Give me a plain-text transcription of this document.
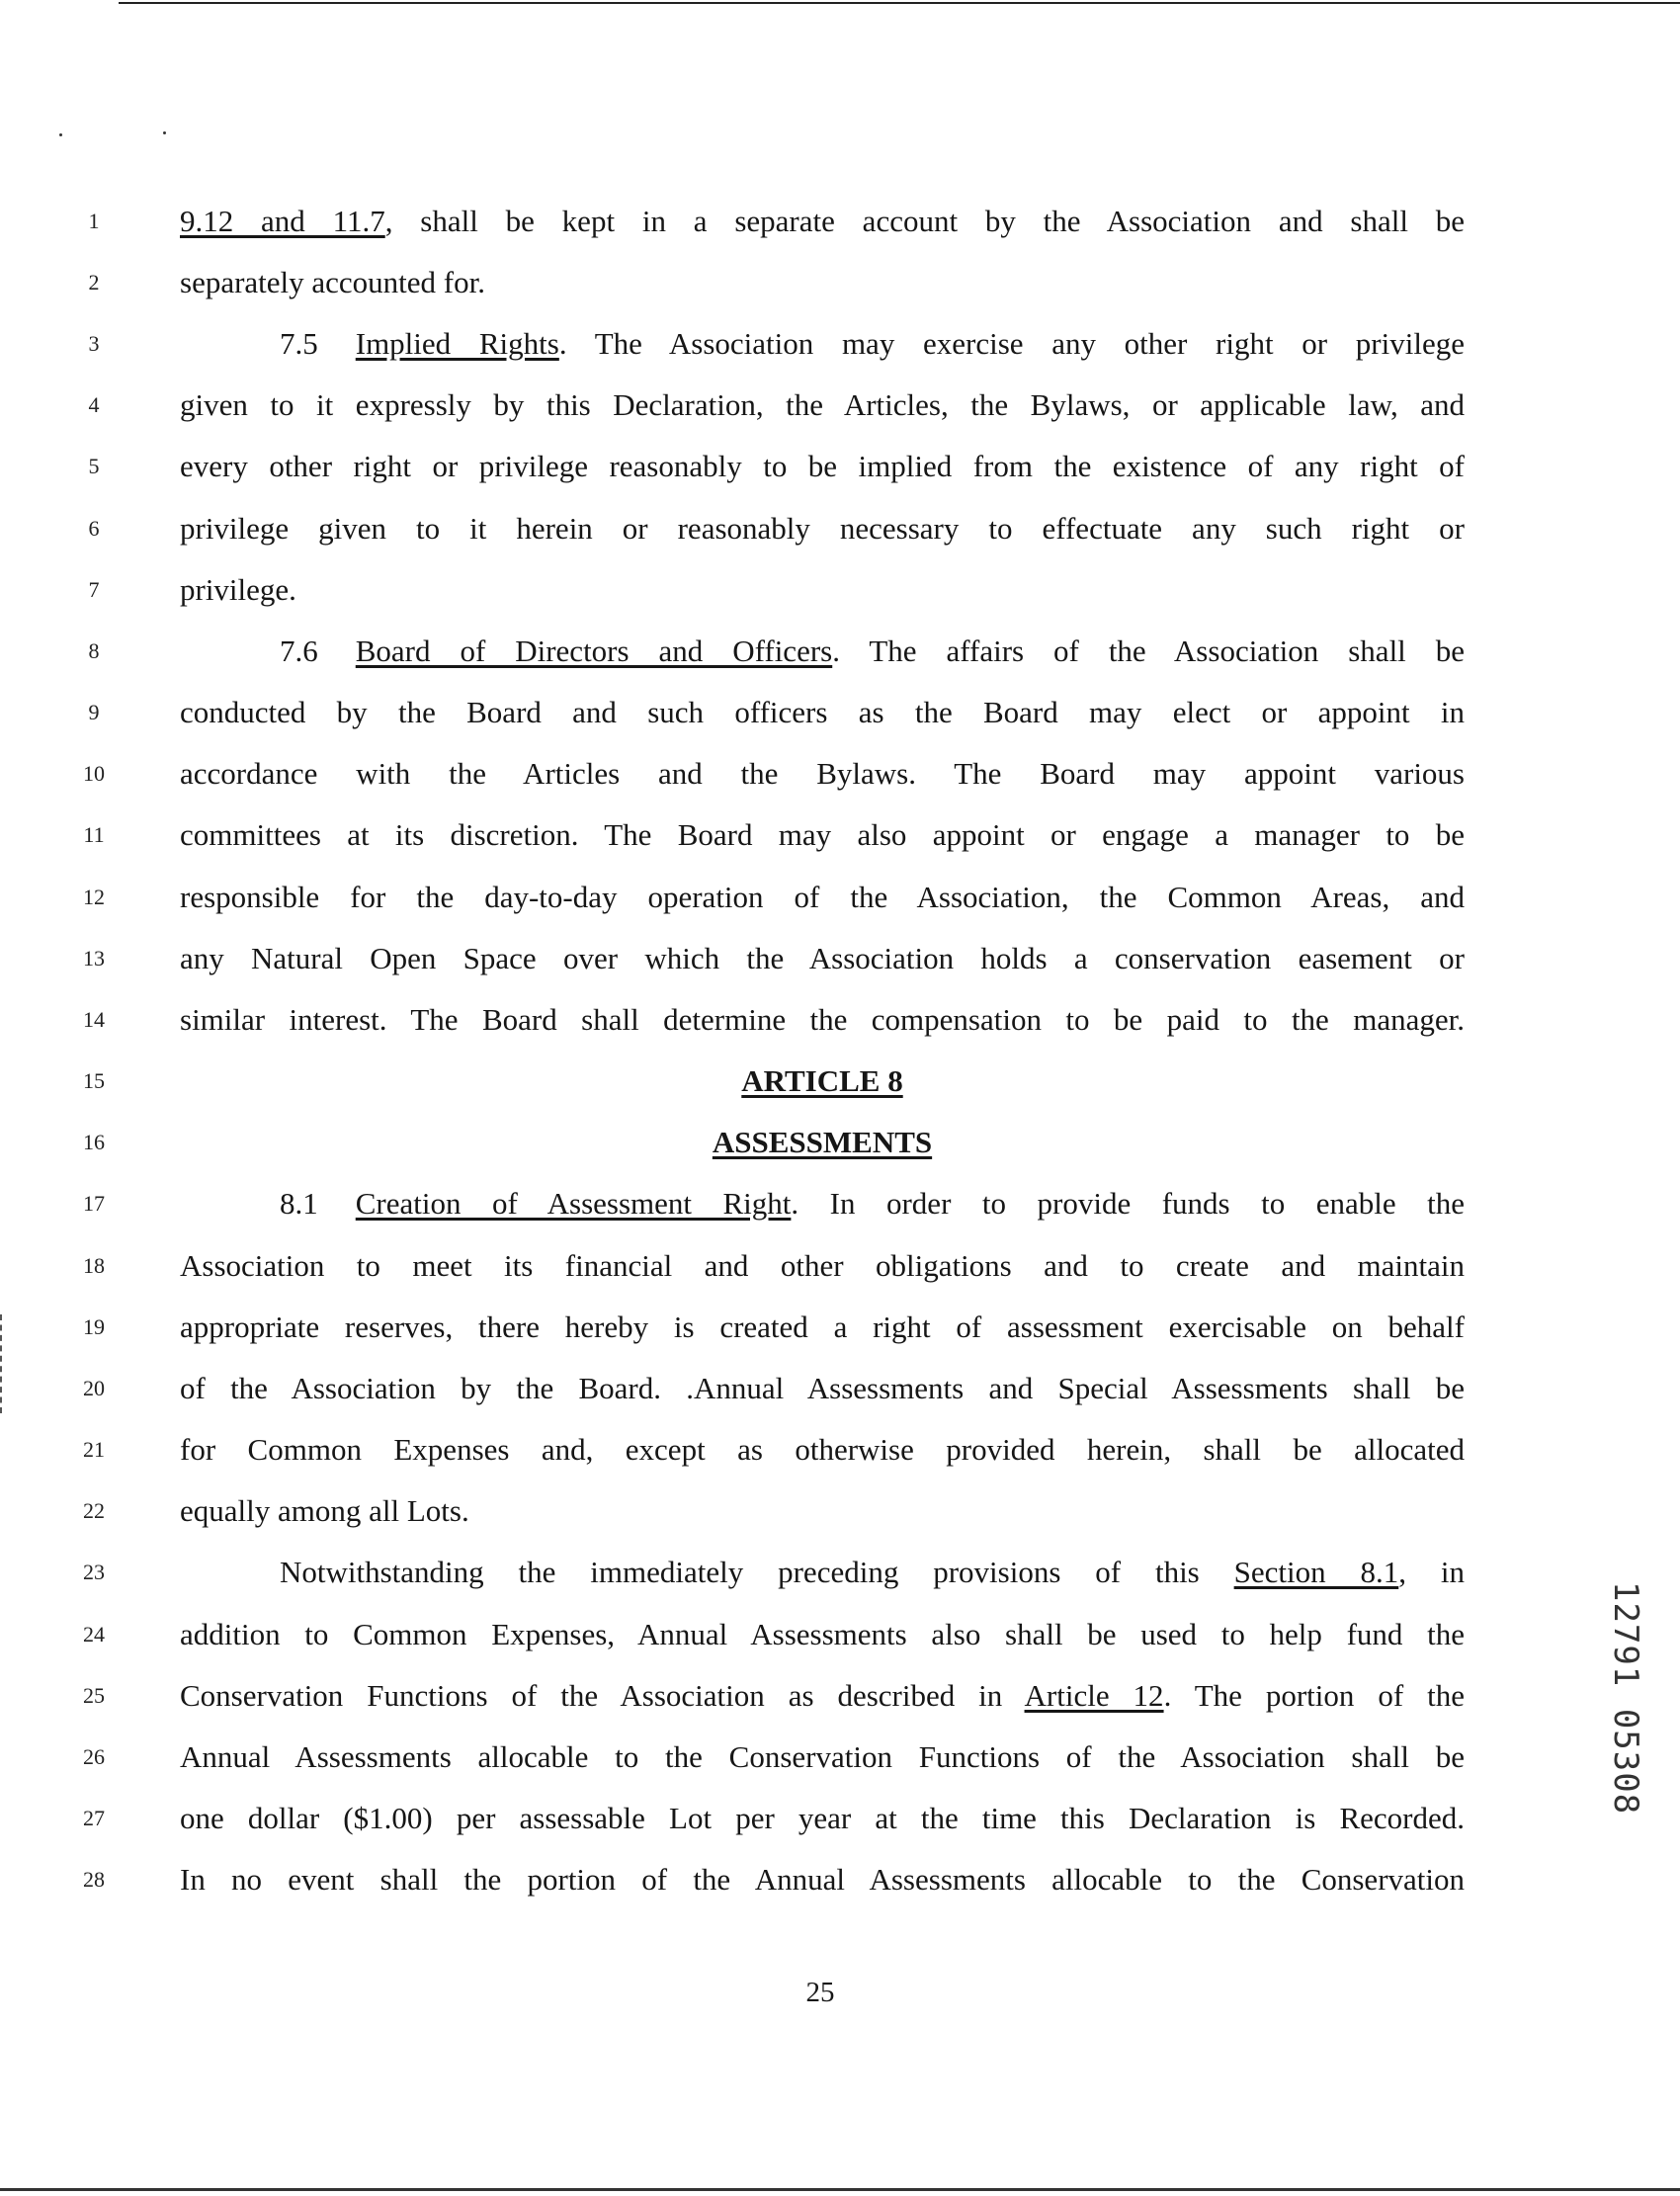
1
2
3
4
5
6
7
8
9
10
11
12
13
14
15
16
17
18
19
20
21
22
23
24
25
26
27
28
9.12 and 11.7, shall be kept in a separate account by the Association and shall be
separately accounted for.
7.5 Implied Rights. The Association may exercise any other right or privilege
given to it expressly by this Declaration, the Articles, the Bylaws, or applicable law, and
every other right or privilege reasonably to be implied from the existence of any right of
privilege given to it herein or reasonably necessary to effectuate any such right or
privilege.
7.6 Board of Directors and Officers. The affairs of the Association shall be
conducted by the Board and such officers as the Board may elect or appoint in
accordance with the Articles and the Bylaws. The Board may appoint various
committees at its discretion. The Board may also appoint or engage a manager to be
responsible for the day-to-day operation of the Association, the Common Areas, and
any Natural Open Space over which the Association holds a conservation easement or
similar interest. The Board shall determine the compensation to be paid to the manager.
ARTICLE 8
ASSESSMENTS
8.1 Creation of Assessment Right. In order to provide funds to enable the
Association to meet its financial and other obligations and to create and maintain
appropriate reserves, there hereby is created a right of assessment exercisable on behalf
of the Association by the Board. .Annual Assessments and Special Assessments shall be
for Common Expenses and, except as otherwise provided herein, shall be allocated
equally among all Lots.
Notwithstanding the immediately preceding provisions of this Section 8.1, in
addition to Common Expenses, Annual Assessments also shall be used to help fund the
Conservation Functions of the Association as described in Article 12. The portion of the
Annual Assessments allocable to the Conservation Functions of the Association shall be
one dollar ($1.00) per assessable Lot per year at the time this Declaration is Recorded.
In no event shall the portion of the Annual Assessments allocable to the Conservation
25
12791 05308
